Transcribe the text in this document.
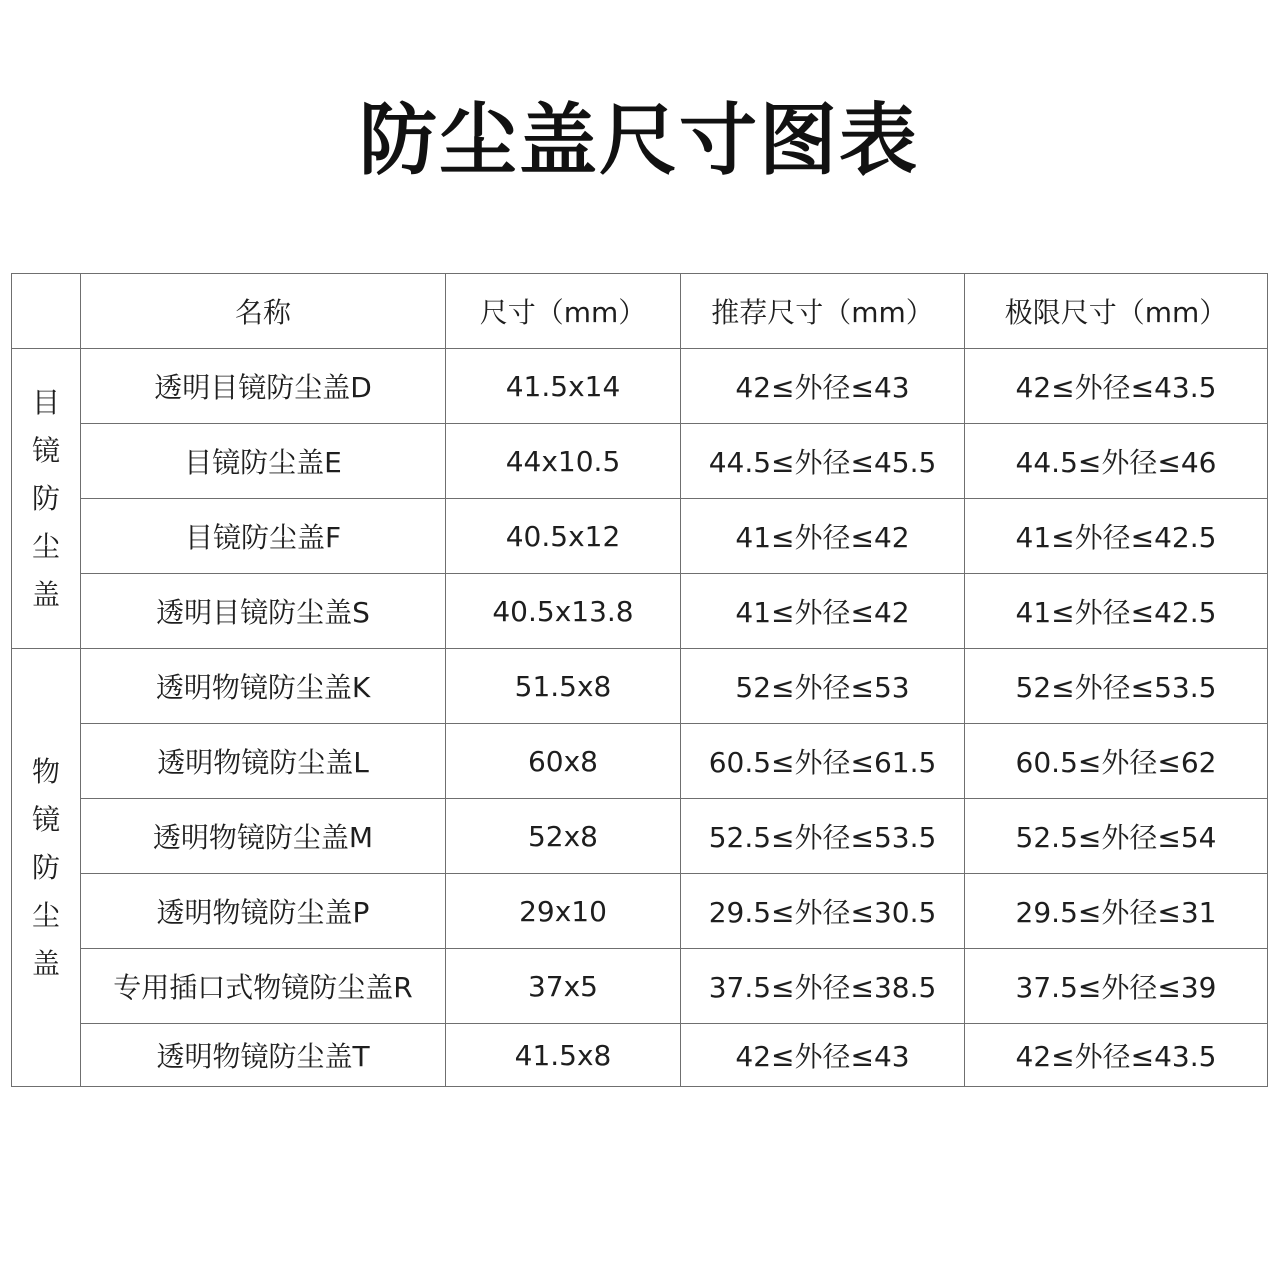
防尘盖尺寸图表
	名称	尺寸（mm）	推荐尺寸（mm）	极限尺寸（mm）

目
镜
防
尘
盖	透明目镜防尘盖D	41.5x14	42≤外径≤43	42≤外径≤43.5
	目镜防尘盖E	44x10.5	44.5≤外径≤45.5	44.5≤外径≤46
	目镜防尘盖F	40.5x12	41≤外径≤42	41≤外径≤42.5
	透明目镜防尘盖S	40.5x13.8	41≤外径≤42	41≤外径≤42.5

物
镜
防
尘
盖	透明物镜防尘盖K	51.5x8	52≤外径≤53	52≤外径≤53.5
	透明物镜防尘盖L	60x8	60.5≤外径≤61.5	60.5≤外径≤62
	透明物镜防尘盖M	52x8	52.5≤外径≤53.5	52.5≤外径≤54
	透明物镜防尘盖P	29x10	29.5≤外径≤30.5	29.5≤外径≤31
	专用插口式物镜防尘盖R	37x5	37.5≤外径≤38.5	37.5≤外径≤39
	透明物镜防尘盖T	41.5x8	42≤外径≤43	42≤外径≤43.5
